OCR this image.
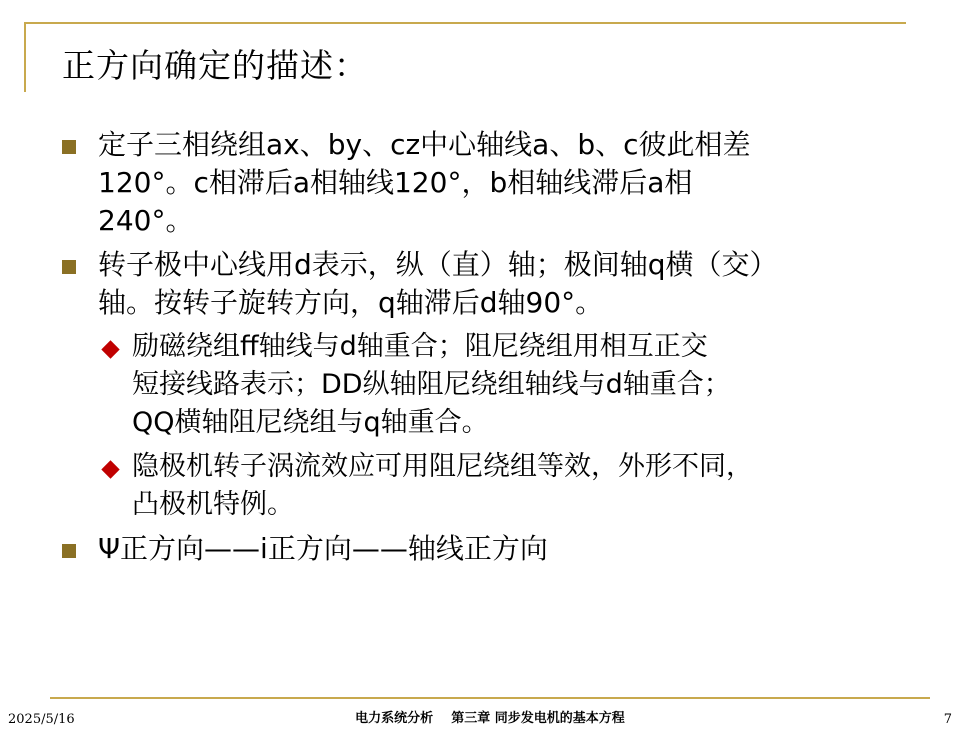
正方向确定的描述：
定子三相绕组ax、by、cz中心轴线a、b、c彼此相差
120°。c相滞后a相轴线120°，b相轴线滞后a相
240°。
转子极中心线用d表示，纵（直）轴；极间轴q横（交）
轴。按转子旋转方向，q轴滞后d轴90°。
励磁绕组ff轴线与d轴重合；阻尼绕组用相互正交
短接线路表示；DD纵轴阻尼绕组轴线与d轴重合；
QQ横轴阻尼绕组与q轴重合。
隐极机转子涡流效应可用阻尼绕组等效，外形不同，
凸极机特例。
Ψ正方向——i正方向——轴线正方向
2025/5/16	电力系统分析    第三章 同步发电机的基本方程	7
